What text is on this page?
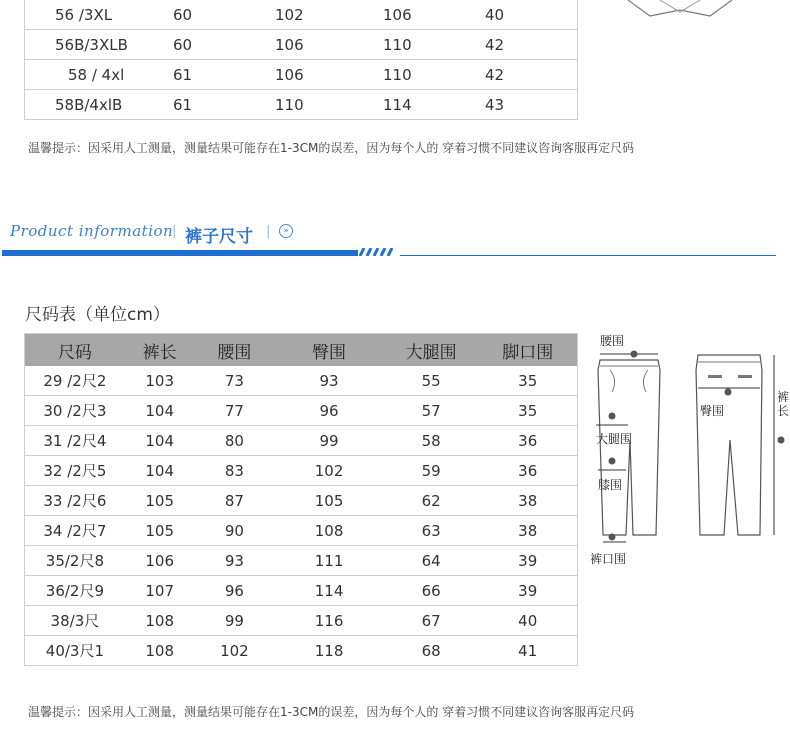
	56 /3XL	60	102	106	40
	56B/3XLB	60	106	110	42
	58 / 4xl	61	106	110	42
	58B/4xlB	61	110	114	43
温馨提示：因采用人工测量，测量结果可能存在1-3CM的误差，因为每个人的 穿着习惯不同建议咨询客服再定尺码
Product information
| 裤子尺寸 |	»
尺码表（单位cm）
尺码	裤长	腰围	臀围	大腿围	脚口围
29 /2尺2	103	73	93	55	35
30 /2尺3	104	77	96	57	35
31 /2尺4	104	80	99	58	36
32 /2尺5	104	83	102	59	36
33 /2尺6	105	87	105	62	38
34 /2尺7	105	90	108	63	38
35/2尺8	106	93	111	64	39
36/2尺9	107	96	114	66	39
38/3尺	108	99	116	67	40
40/3尺1	108	102	118	68	41
腰围
臀围
大腿围
膝围
裤口围
裤长
温馨提示：因采用人工测量，测量结果可能存在1-3CM的误差，因为每个人的 穿着习惯不同建议咨询客服再定尺码
